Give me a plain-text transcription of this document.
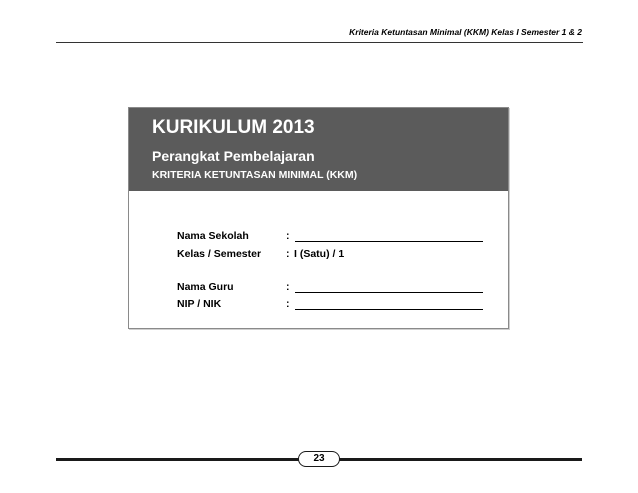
Kriteria Ketuntasan Minimal (KKM) Kelas I Semester 1 & 2
KURIKULUM 2013
Perangkat Pembelajaran
KRITERIA KETUNTASAN MINIMAL (KKM)
Nama Sekolah	:
Kelas / Semester : I (Satu) / 1
Nama Guru	:
NIP / NIK	:
23
